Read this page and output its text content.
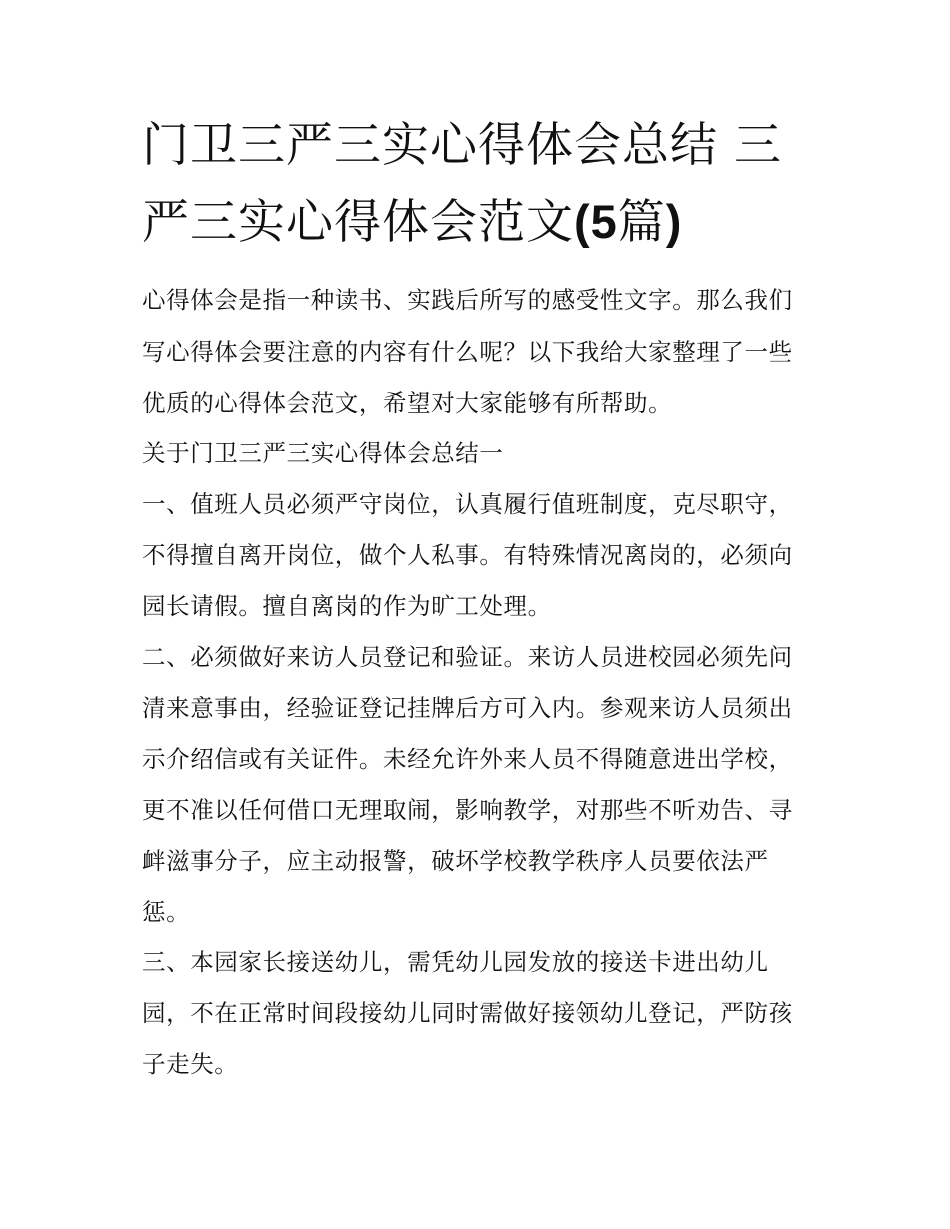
门卫三严三实心得体会总结 三
严三实心得体会范文(5篇)
心得体会是指一种读书、实践后所写的感受性文字。那么我们
写心得体会要注意的内容有什么呢？以下我给大家整理了一些
优质的心得体会范文，希望对大家能够有所帮助。
关于门卫三严三实心得体会总结一
一、值班人员必须严守岗位，认真履行值班制度，克尽职守，
不得擅自离开岗位，做个人私事。有特殊情况离岗的，必须向
园长请假。擅自离岗的作为旷工处理。
二、必须做好来访人员登记和验证。来访人员进校园必须先问
清来意事由，经验证登记挂牌后方可入内。参观来访人员须出
示介绍信或有关证件。未经允许外来人员不得随意进出学校，
更不准以任何借口无理取闹，影响教学，对那些不听劝告、寻
衅滋事分子，应主动报警，破坏学校教学秩序人员要依法严
惩。
三、本园家长接送幼儿，需凭幼儿园发放的接送卡进出幼儿
园，不在正常时间段接幼儿同时需做好接领幼儿登记，严防孩
子走失。
